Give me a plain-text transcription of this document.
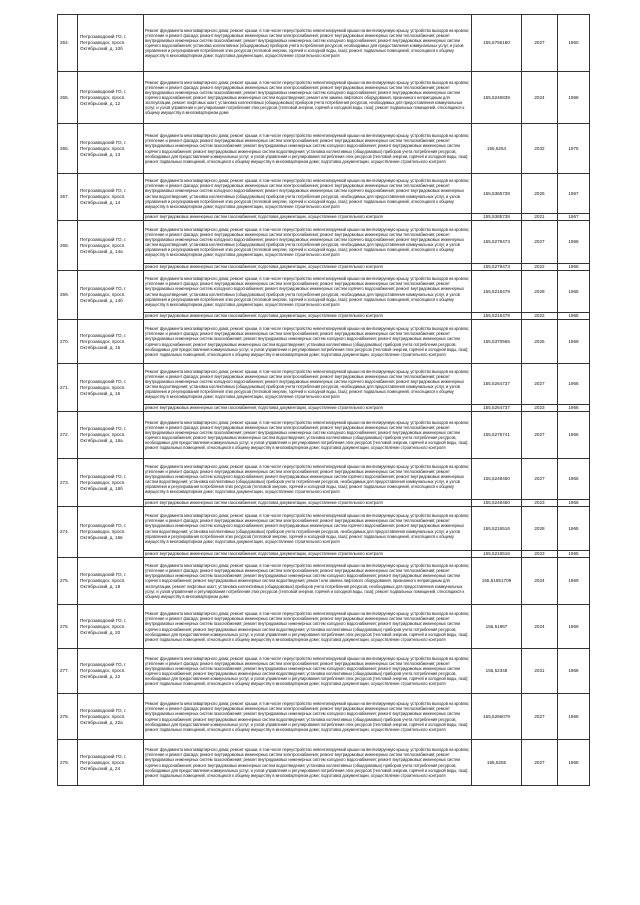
264.	Петрозаводский ГО, г. Петрозаводск, просп. Октябрьский, д. 10б	Ремонт фундамента многоквартирного дома; ремонт крыши, в том числе переустройство невентилируемой крыши на вентилируемую крышу, устройство выходов на кровлю; утепление и ремонт фасада; ремонт внутридомовых инженерных систем электроснабжения; ремонт внутридомовых инженерных систем теплоснабжения; ремонт внутридомовых инженерных систем газоснабжения; ремонт внутридомовых инженерных систем холодного водоснабжения; ремонт внутридомовых инженерных систем горячего водоснабжения; установка коллективных (общедомовых) приборов учета потребления ресурсов, необходимых для предоставления коммунальных услуг, и узлов управления и регулирования потребления этих ресурсов (тепловой энергии, горячей и холодной воды, газа); ремонт подвальных помещений, относящихся к общему имуществу в многоквартирном доме; подготовка документации, осуществление строительного контроля	155,5756180	2027	1960
265.	Петрозаводский ГО, г. Петрозаводск, просп. Октябрьский, д. 12	Ремонт фундамента многоквартирного дома; ремонт крыши, в том числе переустройство невентилируемой крыши на вентилируемую крышу, устройство выходов на кровлю; утепление и ремонт фасада; ремонт внутридомовых инженерных систем электроснабжения; ремонт внутридомовых инженерных систем теплоснабжения; ремонт внутридомовых инженерных систем газоснабжения; ремонт внутридомовых инженерных систем холодного водоснабжения; ремонт внутридомовых инженерных систем горячего водоснабжения; ремонт внутридомовых инженерных систем водоотведения; ремонт или замена лифтового оборудования, признанного непригодным для эксплуатации, ремонт лифтовых шахт; установка коллективных (общедомовых) приборов учета потребления ресурсов, необходимых для предоставления коммунальных услуг, и узлов управления и регулирования потребления этих ресурсов (тепловой энергии, горячей и холодной воды, газа); ремонт подвальных помещений, относящихся к общему имуществу в многоквартирном доме	155,5246839	2024	1968
266.	Петрозаводский ГО, г. Петрозаводск, просп. Октябрьский, д. 13	Ремонт фундамента многоквартирного дома; ремонт крыши, в том числе переустройство невентилируемой крыши на вентилируемую крышу, устройство выходов на кровлю; утепление и ремонт фасада; ремонт внутридомовых инженерных систем электроснабжения; ремонт внутридомовых инженерных систем теплоснабжения; ремонт внутридомовых инженерных систем газоснабжения; ремонт внутридомовых инженерных систем холодного водоснабжения; ремонт внутридомовых инженерных систем горячего водоснабжения; ремонт внутридомовых инженерных систем водоотведения; установка коллективных (общедомовых) приборов учета потребления ресурсов, необходимых для предоставления коммунальных услуг, и узлов управления и регулирования потребления этих ресурсов (тепловой энергии, горячей и холодной воды, газа); ремонт подвальных помещений, относящихся к общему имуществу в многоквартирном доме; подготовка документации, осуществление строительного контроля	155,5254	2032	1975
267.	Петрозаводский ГО, г. Петрозаводск, просп. Октябрьский, д. 14	Ремонт фундамента многоквартирного дома; ремонт крыши, в том числе переустройство невентилируемой крыши на вентилируемую крышу, устройство выходов на кровлю; утепление и ремонт фасада; ремонт внутридомовых инженерных систем электроснабжения; ремонт внутридомовых инженерных систем теплоснабжения; ремонт внутридомовых инженерных систем холодного водоснабжения; ремонт внутридомовых инженерных систем горячего водоснабжения; ремонт внутридомовых инженерных систем водоотведения; установка коллективных (общедомовых) приборов учета потребления ресурсов, необходимых для предоставления коммунальных услуг, и узлов управления и регулирования потребления этих ресурсов (тепловой энергии, горячей и холодной воды, газа); ремонт подвальных помещений, относящихся к общему имуществу в многоквартирном доме; подготовка документации, осуществление строительного контроля	155,5365738	2026	1967
		ремонт внутридомовых инженерных систем газоснабжения; подготовка документации, осуществление строительного контроля	155,5365738	2021	1967
268.	Петрозаводский ГО, г. Петрозаводск, просп. Октябрьский, д. 14а	Ремонт фундамента многоквартирного дома; ремонт крыши, в том числе переустройство невентилируемой крыши на вентилируемую крышу, устройство выходов на кровлю; утепление и ремонт фасада; ремонт внутридомовых инженерных систем электроснабжения; ремонт внутридомовых инженерных систем теплоснабжения; ремонт внутридомовых инженерных систем холодного водоснабжения; ремонт внутридомовых инженерных систем горячего водоснабжения; ремонт внутридомовых инженерных систем водоотведения; установка коллективных (общедомовых) приборов учета потребления ресурсов, необходимых для предоставления коммунальных услуг, и узлов управления и регулирования потребления этих ресурсов (тепловой энергии, горячей и холодной воды, газа); ремонт подвальных помещений, относящихся к общему имуществу в многоквартирном доме; подготовка документации, осуществление строительного контроля	155,5279473	2027	1966
		ремонт внутридомовых инженерных систем газоснабжения; подготовка документации, осуществление строительного контроля	155,5279473	2022	1966
269.	Петрозаводский ГО, г. Петрозаводск, просп. Октябрьский, д. 14б	Ремонт фундамента многоквартирного дома; ремонт крыши, в том числе переустройство невентилируемой крыши на вентилируемую крышу, устройство выходов на кровлю; утепление и ремонт фасада; ремонт внутридомовых инженерных систем электроснабжения; ремонт внутридомовых инженерных систем теплоснабжения; ремонт внутридомовых инженерных систем холодного водоснабжения; ремонт внутридомовых инженерных систем горячего водоснабжения; ремонт внутридомовых инженерных систем водоотведения; установка коллективных (общедомовых) приборов учета потребления ресурсов, необходимых для предоставления коммунальных услуг, и узлов управления и регулирования потребления этих ресурсов (тепловой энергии, горячей и холодной воды, газа); ремонт подвальных помещений, относящихся к общему имуществу в многоквартирном доме; подготовка документации, осуществление строительного контроля	155,5216478	2028	1965
		ремонт внутридомовых инженерных систем газоснабжения; подготовка документации, осуществление строительного контроля	155,5216478	2022	1965
270.	Петрозаводский ГО, г. Петрозаводск, просп. Октябрьский, д. 15	Ремонт фундамента многоквартирного дома; ремонт крыши, в том числе переустройство невентилируемой крыши на вентилируемую крышу, устройство выходов на кровлю; утепление и ремонт фасада; ремонт внутридомовых инженерных систем электроснабжения; ремонт внутридомовых инженерных систем теплоснабжения; ремонт внутридомовых инженерных систем газоснабжения; ремонт внутридомовых инженерных систем холодного водоснабжения; ремонт внутридомовых инженерных систем горячего водоснабжения; ремонт внутридомовых инженерных систем водоотведения; установка коллективных (общедомовых) приборов учета потребления ресурсов, необходимых для предоставления коммунальных услуг, и узлов управления и регулирования потребления этих ресурсов (тепловой энергии, горячей и холодной воды, газа); ремонт подвальных помещений, относящихся к общему имуществу в многоквартирном доме; подготовка документации, осуществление строительного контроля	155,5370565	2025	1969
271.	Петрозаводский ГО, г. Петрозаводск, просп. Октябрьский, д. 16	Ремонт фундамента многоквартирного дома; ремонт крыши, в том числе переустройство невентилируемой крыши на вентилируемую крышу, устройство выходов на кровлю; утепление и ремонт фасада; ремонт внутридомовых инженерных систем электроснабжения; ремонт внутридомовых инженерных систем теплоснабжения; ремонт внутридомовых инженерных систем холодного водоснабжения; ремонт внутридомовых инженерных систем горячего водоснабжения; ремонт внутридомовых инженерных систем водоотведения; установка коллективных (общедомовых) приборов учета потребления ресурсов, необходимых для предоставления коммунальных услуг, и узлов управления и регулирования потребления этих ресурсов (тепловой энергии, горячей и холодной воды, газа); ремонт подвальных помещений, относящихся к общему имуществу в многоквартирном доме; подготовка документации, осуществление строительного контроля	155,5264737	2027	1966
		ремонт внутридомовых инженерных систем газоснабжения; подготовка документации, осуществление строительного контроля	155,5264737	2023	1966
272.	Петрозаводский ГО, г. Петрозаводск, просп. Октябрьский, д. 16а	Ремонт фундамента многоквартирного дома; ремонт крыши, в том числе переустройство невентилируемой крыши на вентилируемую крышу, устройство выходов на кровлю; утепление и ремонт фасада; ремонт внутридомовых инженерных систем электроснабжения; ремонт внутридомовых инженерных систем теплоснабжения; ремонт внутридомовых инженерных систем газоснабжения; ремонт внутридомовых инженерных систем холодного водоснабжения; ремонт внутридомовых инженерных систем горячего водоснабжения; ремонт внутридомовых инженерных систем водоотведения; установка коллективных (общедомовых) приборов учета потребления ресурсов, необходимых для предоставления коммунальных услуг, и узлов управления и регулирования потребления этих ресурсов (тепловой энергии, горячей и холодной воды, газа); ремонт подвальных помещений, относящихся к общему имуществу в многоквартирном доме; подготовка документации, осуществление строительного контроля	155,5276741	2027	1966
273.	Петрозаводский ГО, г. Петрозаводск, просп. Октябрьский, д. 16б	Ремонт фундамента многоквартирного дома; ремонт крыши, в том числе переустройство невентилируемой крыши на вентилируемую крышу, устройство выходов на кровлю; утепление и ремонт фасада; ремонт внутридомовых инженерных систем электроснабжения; ремонт внутридомовых инженерных систем теплоснабжения; ремонт внутридомовых инженерных систем холодного водоснабжения; ремонт внутридомовых инженерных систем горячего водоснабжения; ремонт внутридомовых инженерных систем водоотведения; установка коллективных (общедомовых) приборов учета потребления ресурсов, необходимых для предоставления коммунальных услуг, и узлов управления и регулирования потребления этих ресурсов (тепловой энергии, горячей и холодной воды, газа); ремонт подвальных помещений, относящихся к общему имуществу в многоквартирном доме; подготовка документации, осуществление строительного контроля	155,5249450	2027	1966
		ремонт внутридомовых инженерных систем газоснабжения; подготовка документации, осуществление строительного контроля	155,5249450	2023	1966
274.	Петрозаводский ГО, г. Петрозаводск, просп. Октябрьский, д. 16в	Ремонт фундамента многоквартирного дома; ремонт крыши, в том числе переустройство невентилируемой крыши на вентилируемую крышу, устройство выходов на кровлю; утепление и ремонт фасада; ремонт внутридомовых инженерных систем электроснабжения; ремонт внутридомовых инженерных систем теплоснабжения; ремонт внутридомовых инженерных систем холодного водоснабжения; ремонт внутридомовых инженерных систем горячего водоснабжения; ремонт внутридомовых инженерных систем водоотведения; установка коллективных (общедомовых) приборов учета потребления ресурсов, необходимых для предоставления коммунальных услуг, и узлов управления и регулирования потребления этих ресурсов (тепловой энергии, горячей и холодной воды, газа); ремонт подвальных помещений, относящихся к общему имуществу в многоквартирном доме; подготовка документации, осуществление строительного контроля	155,5216516	2028	1965
		ремонт внутридомовых инженерных систем газоснабжения; подготовка документации, осуществление строительного контроля	155,5216516	2023	1965
275.	Петрозаводский ГО, г. Петрозаводск, просп. Октябрьский, д. 18	Ремонт фундамента многоквартирного дома; ремонт крыши, в том числе переустройство невентилируемой крыши на вентилируемую крышу, устройство выходов на кровлю; утепление и ремонт фасада; ремонт внутридомовых инженерных систем электроснабжения; ремонт внутридомовых инженерных систем теплоснабжения; ремонт внутридомовых инженерных систем газоснабжения; ремонт внутридомовых инженерных систем холодного водоснабжения; ремонт внутридомовых инженерных систем горячего водоснабжения; ремонт внутридомовых инженерных систем водоотведения; ремонт или замена лифтового оборудования, признанного непригодным для эксплуатации, ремонт лифтовых шахт; установка коллективных (общедомовых) приборов учета потребления ресурсов, необходимых для предоставления коммунальных услуг, и узлов управления и регулирования потребления этих ресурсов (тепловой энергии, горячей и холодной воды, газа); ремонт подвальных помещений, относящихся к общему имуществу в многоквартирном доме	155,51651709	2024	1969
276.	Петрозаводский ГО, г. Петрозаводск, просп. Октябрьский, д. 20	Ремонт фундамента многоквартирного дома; ремонт крыши, в том числе переустройство невентилируемой крыши на вентилируемую крышу, устройство выходов на кровлю; утепление и ремонт фасада; ремонт внутридомовых инженерных систем электроснабжения; ремонт внутридомовых инженерных систем теплоснабжения; ремонт внутридомовых инженерных систем газоснабжения; ремонт внутридомовых инженерных систем холодного водоснабжения; ремонт внутридомовых инженерных систем горячего водоснабжения; ремонт внутридомовых инженерных систем водоотведения; установка коллективных (общедомовых) приборов учета потребления ресурсов, необходимых для предоставления коммунальных услуг, и узлов управления и регулирования потребления этих ресурсов (тепловой энергии, горячей и холодной воды, газа); ремонт подвальных помещений, относящихся к общему имуществу в многоквартирном доме; подготовка документации, осуществление строительного контроля	155,51967	2024	1969
277.	Петрозаводский ГО, г. Петрозаводск, просп. Октябрьский, д. 22	Ремонт фундамента многоквартирного дома; ремонт крыши, в том числе переустройство невентилируемой крыши на вентилируемую крышу, устройство выходов на кровлю; утепление и ремонт фасада; ремонт внутридомовых инженерных систем электроснабжения; ремонт внутридомовых инженерных систем теплоснабжения; ремонт внутридомовых инженерных систем газоснабжения; ремонт внутридомовых инженерных систем холодного водоснабжения; ремонт внутридомовых инженерных систем горячего водоснабжения; ремонт внутридомовых инженерных систем водоотведения; установка коллективных (общедомовых) приборов учета потребления ресурсов, необходимых для предоставления коммунальных услуг, и узлов управления и регулирования потребления этих ресурсов (тепловой энергии, горячей и холодной воды, газа); ремонт подвальных помещений, относящихся к общему имуществу в многоквартирном доме; подготовка документации, осуществление строительного контроля	155,52348	2031	1968
278.	Петрозаводский ГО, г. Петрозаводск, просп. Октябрьский, д. 22а	Ремонт фундамента многоквартирного дома; ремонт крыши, в том числе переустройство невентилируемой крыши на вентилируемую крышу, устройство выходов на кровлю; утепление и ремонт фасада; ремонт внутридомовых инженерных систем электроснабжения; ремонт внутридомовых инженерных систем теплоснабжения; ремонт внутридомовых инженерных систем газоснабжения; ремонт внутридомовых инженерных систем холодного водоснабжения; ремонт внутридомовых инженерных систем горячего водоснабжения; ремонт внутридомовых инженерных систем водоотведения; установка коллективных (общедомовых) приборов учета потребления ресурсов, необходимых для предоставления коммунальных услуг, и узлов управления и регулирования потребления этих ресурсов (тепловой энергии, горячей и холодной воды, газа); ремонт подвальных помещений, относящихся к общему имуществу в многоквартирном доме; подготовка документации, осуществление строительного контроля	155,5266079	2027	1968
279.	Петрозаводский ГО, г. Петрозаводск, просп. Октябрьский, д. 24	Ремонт фундамента многоквартирного дома; ремонт крыши, в том числе переустройство невентилируемой крыши на вентилируемую крышу, устройство выходов на кровлю; утепление и ремонт фасада; ремонт внутридомовых инженерных систем электроснабжения; ремонт внутридомовых инженерных систем теплоснабжения; ремонт внутридомовых инженерных систем газоснабжения; ремонт внутридомовых инженерных систем холодного водоснабжения; ремонт внутридомовых инженерных систем горячего водоснабжения; ремонт внутридомовых инженерных систем водоотведения; установка коллективных (общедомовых) приборов учета потребления ресурсов, необходимых для предоставления коммунальных услуг, и узлов управления и регулирования потребления этих ресурсов (тепловой энергии, горячей и холодной воды, газа); ремонт подвальных помещений, относящихся к общему имуществу в многоквартирном доме; подготовка документации, осуществление строительного контроля	155,5255	2027	1968
